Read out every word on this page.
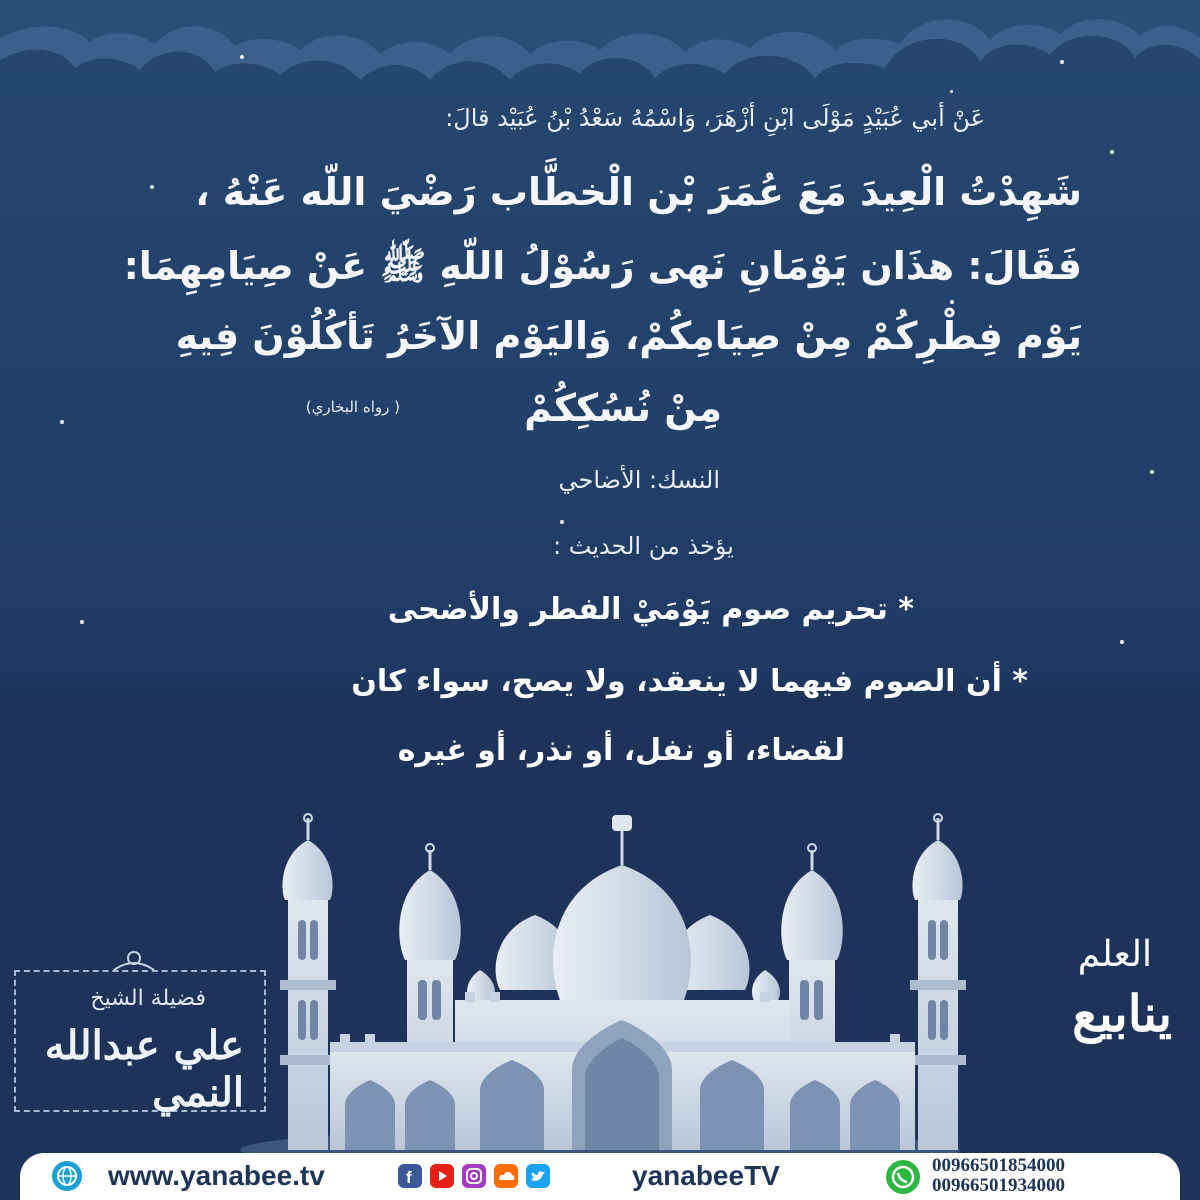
عَنْ أبي عُبَيْدٍ مَوْلَى ابْنِ أزْهَرَ، وَاسْمُهُ سَعْدُ بْنُ عُبَيْد قالَ:
شَهِدْتُ الْعِيدَ مَعَ عُمَرَ بْن الْخطَّاب رَضْيَ اللّه عَنْهُ ،
فَقَالَ: هذَان يَوْمَانِ نَهى رَسُوْلُ اللّهِ ﷺ عَنْ صِيَامِهِمَا:
يَوْم فِطْرِكُمْ مِنْ صِيَامِكُمْ، وَاليَوْم الآخَرُ تَأكُلُوْنَ فِيهِ
مِنْ نُسُكِكُمْ
( رواه البخاري)
النسك: الأضاحي
يؤخذ من الحديث :
* تحريم صوم يَوْمَيْ الفطر والأضحى
* أن الصوم فيهما لا ينعقد، ولا يصح، سواء كان
لقضاء، أو نفل، أو نذر، أو غيره
فضيلة الشيخ
علي عبدالله النمي
العلم
ينابيع
www.yanabee.tv	f	yanabeeTV	00966501854000
00966501934000
